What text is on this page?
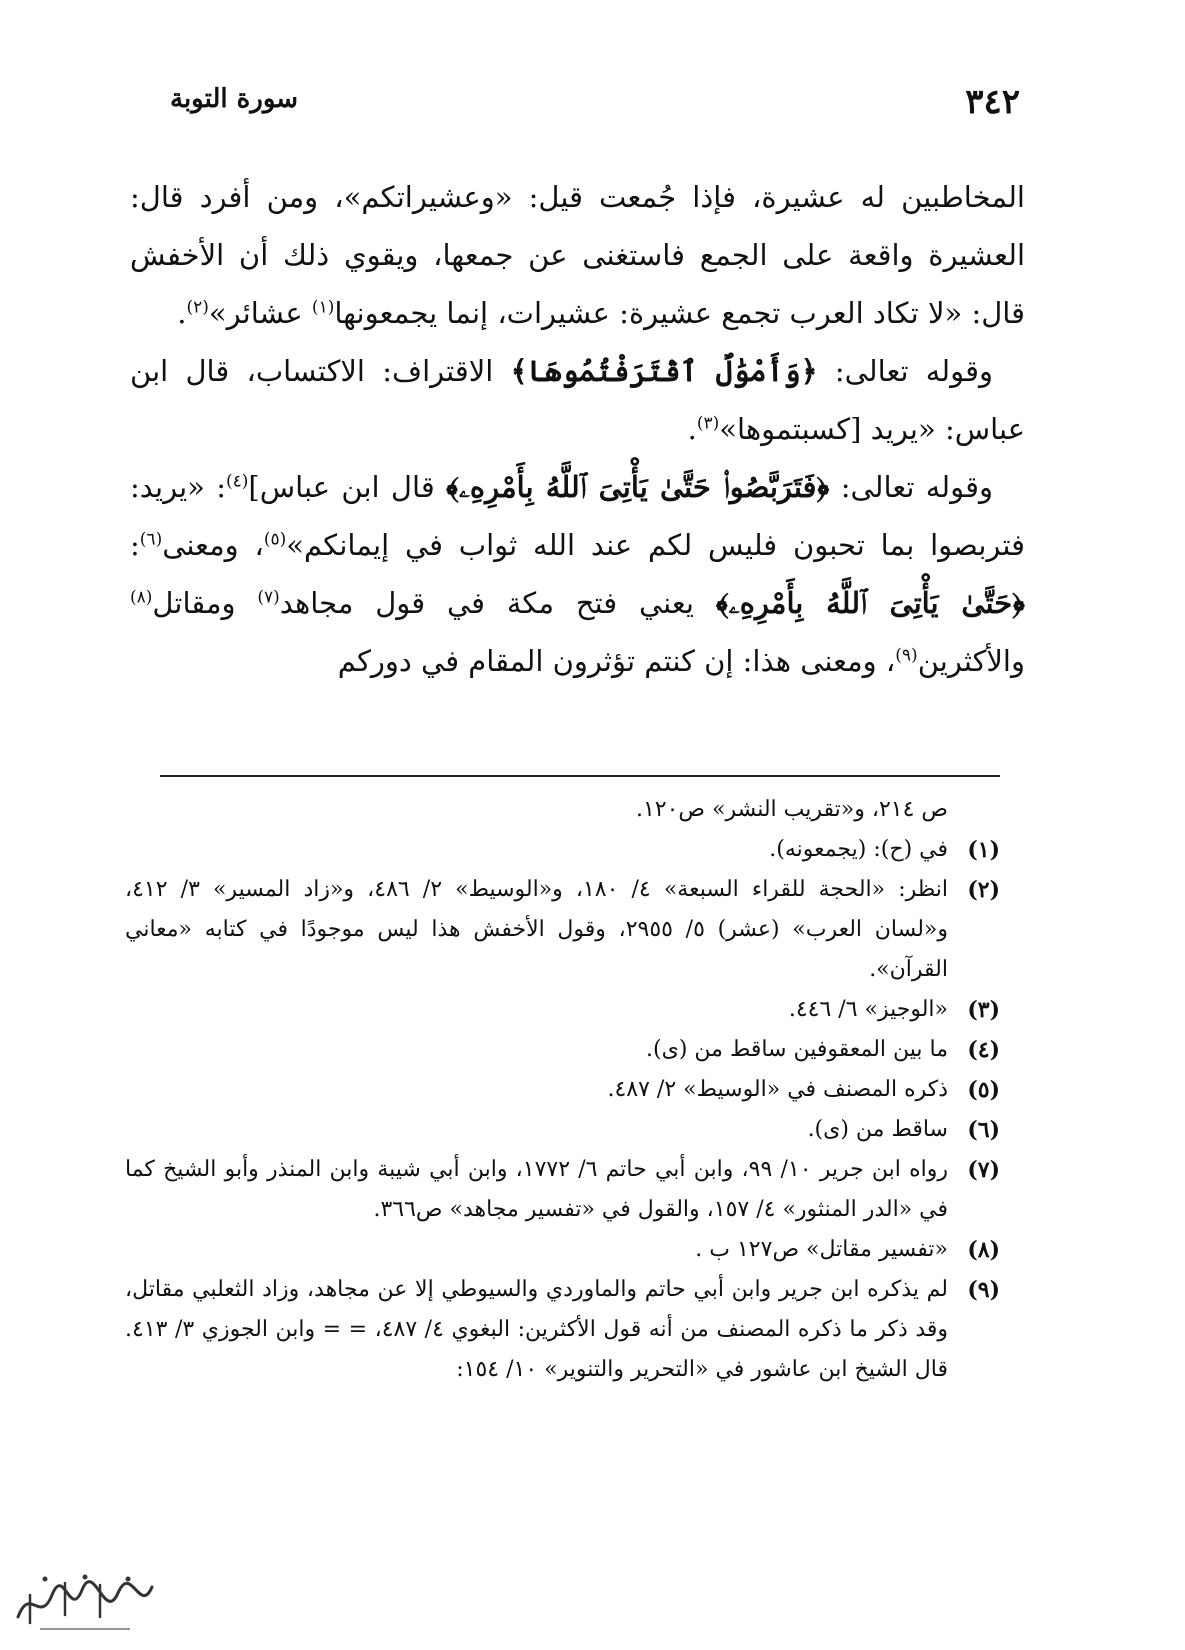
٣٤٢
سورة التوبة

المخاطبين له عشيرة، فإذا جُمعت قيل: «وعشيراتكم»، ومن أفرد قال: العشيرة واقعة على الجمع فاستغنى عن جمعها، ويقوي ذلك أن الأخفش قال: «لا تكاد العرب تجمع عشيرة: عشيرات، إنما يجمعونها$^{(١)}$ عشائر»$^{(٢)}$.

وقوله تعالى: ﴿وَأَمْوَٰلٌ ٱقْتَرَفْتُمُوهَا﴾ الاقتراف: الاكتساب، قال ابن عباس: «يريد [كسبتموها»$^{(٣)}$.

وقوله تعالى: ﴿فَتَرَبَّصُوا۟ حَتَّىٰ يَأْتِىَ ٱللَّهُ بِأَمْرِهِۦ﴾ قال ابن عباس]$^{(٤)}$: «يريد: فتربصوا بما تحبون فليس لكم عند الله ثواب في إيمانكم»$^{(٥)}$، ومعنى$^{(٦)}$: ﴿حَتَّىٰ يَأْتِىَ ٱللَّهُ بِأَمْرِهِۦ﴾ يعني فتح مكة في قول مجاهد$^{(٧)}$ ومقاتل$^{(٨)}$ والأكثرين$^{(٩)}$، ومعنى هذا: إن كنتم تؤثرون المقام في دوركم

ص ٢١٤، و«تقريب النشر» ص١٢٠.

(١)
في (ح): (يجمعونه).
(٢)
انظر: «الحجة للقراء السبعة» ٤/ ١٨٠، و«الوسيط» ٢/ ٤٨٦، و«زاد المسير» ٣/ ٤١٢، و«لسان العرب» (عشر) ٥/ ٢٩٥٥، وقول الأخفش هذا ليس موجودًا في كتابه «معاني القرآن».
(٣)
«الوجيز» ٦/ ٤٤٦.
(٤)
ما بين المعقوفين ساقط من (ى).
(٥)
ذكره المصنف في «الوسيط» ٢/ ٤٨٧.
(٦)
ساقط من (ى).
(٧)
رواه ابن جرير ١٠/ ٩٩، وابن أبي حاتم ٦/ ١٧٧٢، وابن أبي شيبة وابن المنذر وأبو الشيخ كما في «الدر المنثور» ٤/ ١٥٧، والقول في «تفسير مجاهد» ص٣٦٦.
(٨)
«تفسير مقاتل» ص١٢٧ ب .
(٩)
لم يذكره ابن جرير وابن أبي حاتم والماوردي والسيوطي إلا عن مجاهد، وزاد الثعلبي مقاتل، وقد ذكر ما ذكره المصنف من أنه قول الأكثرين: البغوي ٤/ ٤٨٧، = = وابن الجوزي ٣/ ٤١٣. قال الشيخ ابن عاشور في «التحرير والتنوير» ١٠/ ١٥٤:
